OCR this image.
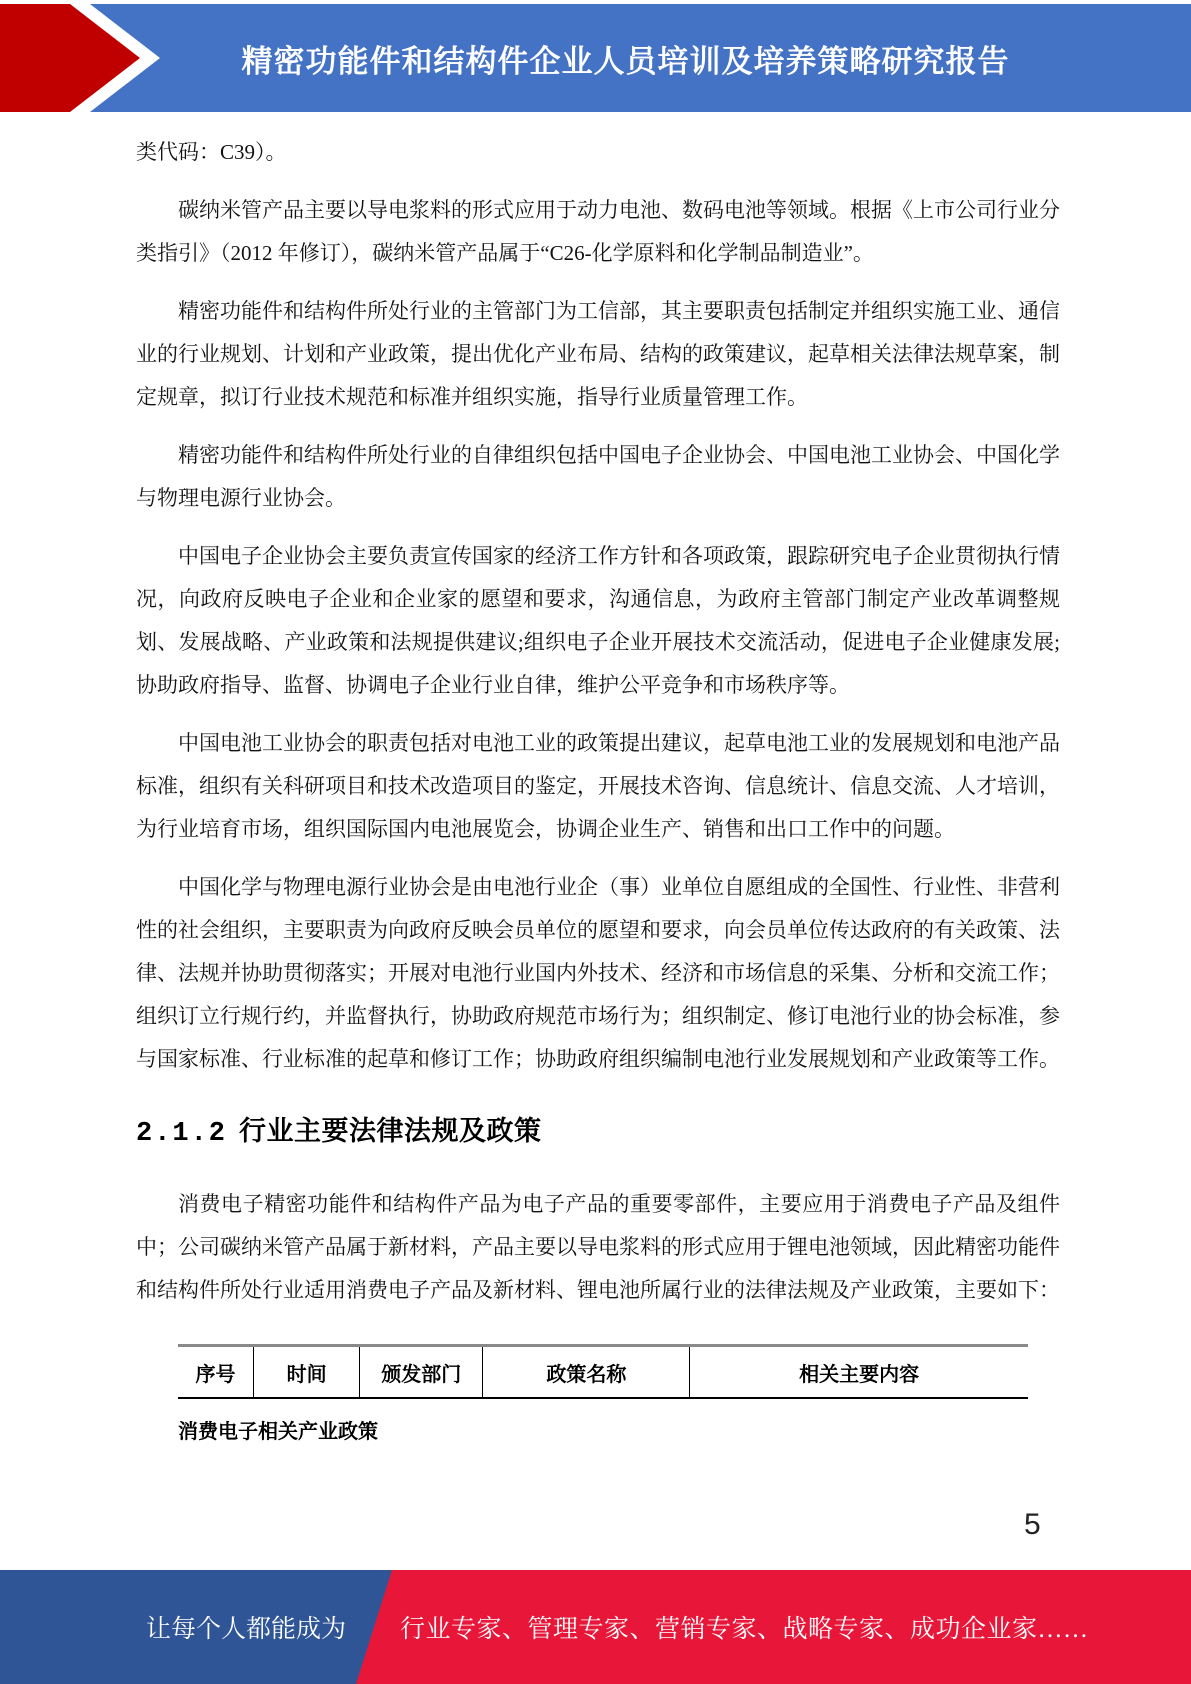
精密功能件和结构件企业人员培训及培养策略研究报告

类代码：C39）。

碳纳米管产品主要以导电浆料的形式应用于动力电池、数码电池等领域。根据《上市公司行业分类指引》（2012 年修订），碳纳米管产品属于“C26-化学原料和化学制品制造业”。

精密功能件和结构件所处行业的主管部门为工信部，其主要职责包括制定并组织实施工业、通信业的行业规划、计划和产业政策，提出优化产业布局、结构的政策建议，起草相关法律法规草案，制定规章，拟订行业技术规范和标准并组织实施，指导行业质量管理工作。

精密功能件和结构件所处行业的自律组织包括中国电子企业协会、中国电池工业协会、中国化学与物理电源行业协会。

中国电子企业协会主要负责宣传国家的经济工作方针和各项政策，跟踪研究电子企业贯彻执行情况，向政府反映电子企业和企业家的愿望和要求，沟通信息，为政府主管部门制定产业改革调整规划、发展战略、产业政策和法规提供建议;组织电子企业开展技术交流活动，促进电子企业健康发展;协助政府指导、监督、协调电子企业行业自律，维护公平竞争和市场秩序等。

中国电池工业协会的职责包括对电池工业的政策提出建议，起草电池工业的发展规划和电池产品标准，组织有关科研项目和技术改造项目的鉴定，开展技术咨询、信息统计、信息交流、人才培训，为行业培育市场，组织国际国内电池展览会，协调企业生产、销售和出口工作中的问题。

中国化学与物理电源行业协会是由电池行业企（事）业单位自愿组成的全国性、行业性、非营利性的社会组织，主要职责为向政府反映会员单位的愿望和要求，向会员单位传达政府的有关政策、法律、法规并协助贯彻落实；开展对电池行业国内外技术、经济和市场信息的采集、分析和交流工作；组织订立行规行约，并监督执行，协助政府规范市场行为；组织制定、修订电池行业的协会标准，参与国家标准、行业标准的起草和修订工作；协助政府组织编制电池行业发展规划和产业政策等工作。

2.1.2 行业主要法律法规及政策

消费电子精密功能件和结构件产品为电子产品的重要零部件，主要应用于消费电子产品及组件中；公司碳纳米管产品属于新材料，产品主要以导电浆料的形式应用于锂电池领域，因此精密功能件和结构件所处行业适用消费电子产品及新材料、锂电池所属行业的法律法规及产业政策，主要如下：

序号	时间	颁发部门	政策名称	相关主要内容
消费电子相关产业政策
5
让每个人都能成为 行业专家、管理专家、营销专家、战略专家、成功企业家……
